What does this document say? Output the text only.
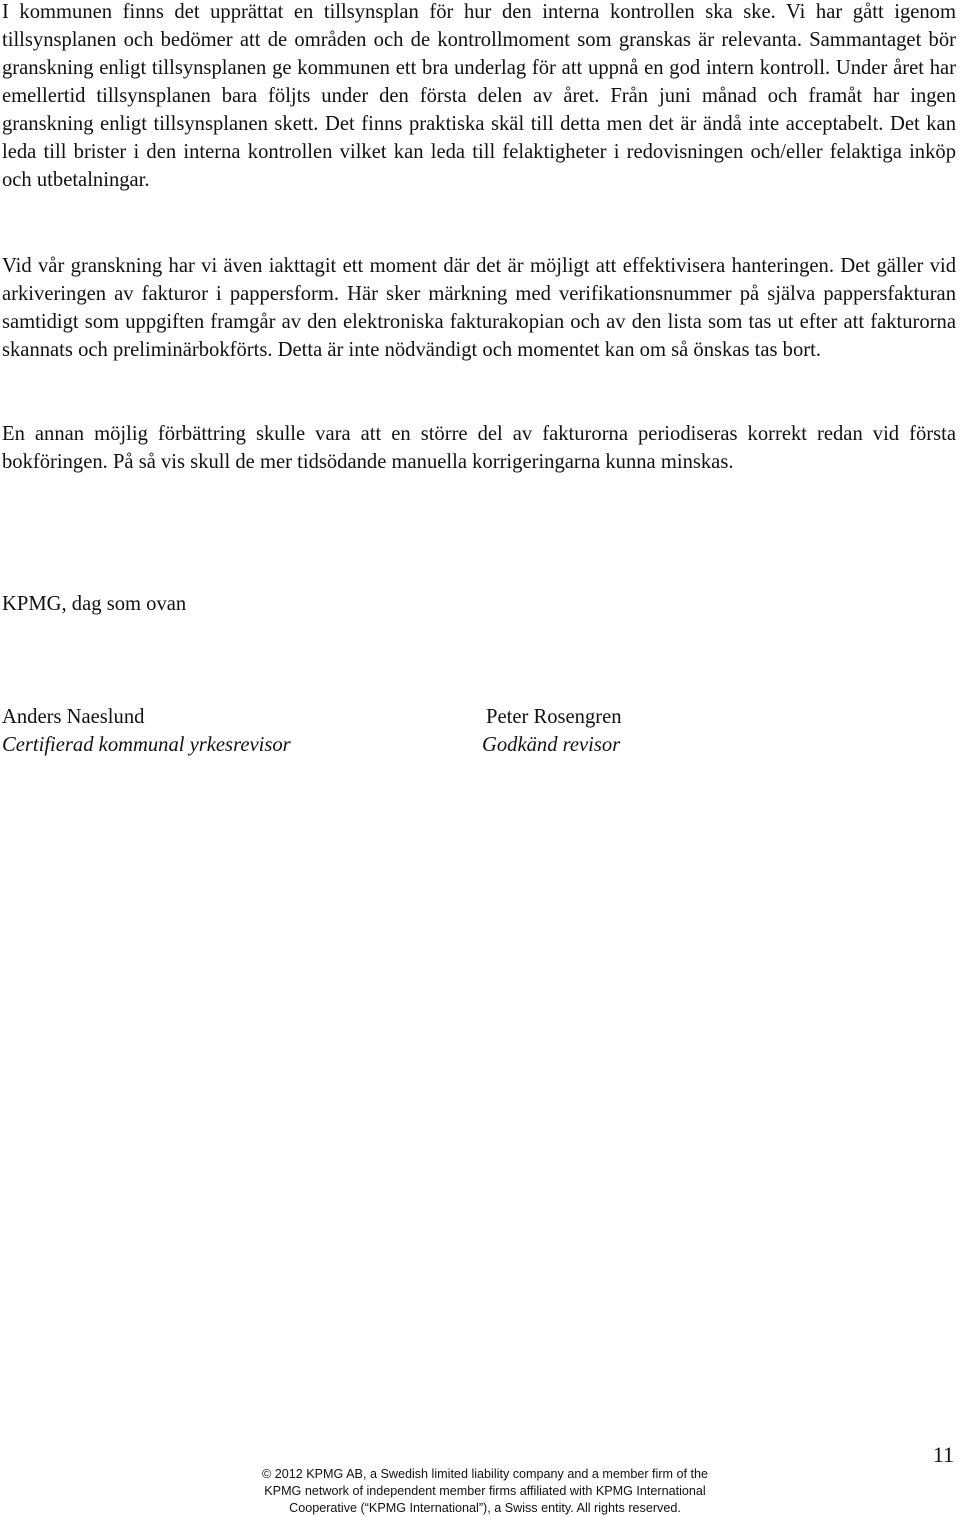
I kommunen finns det upprättat en tillsynsplan för hur den interna kontrollen ska ske. Vi har gått igenom tillsynsplanen och bedömer att de områden och de kontrollmoment som granskas är relevanta. Sammantaget bör granskning enligt tillsynsplanen ge kommunen ett bra underlag för att uppnå en god intern kontroll. Under året har emellertid tillsynsplanen bara följts under den första delen av året. Från juni månad och framåt har ingen granskning enligt tillsynsplanen skett. Det finns praktiska skäl till detta men det är ändå inte acceptabelt. Det kan leda till brister i den interna kontrollen vilket kan leda till felaktigheter i redovisningen och/eller felaktiga inköp och utbetalningar.

Vid vår granskning har vi även iakttagit ett moment där det är möjligt att effektivisera hanteringen. Det gäller vid arkiveringen av fakturor i pappersform. Här sker märkning med verifikationsnummer på själva pappersfakturan samtidigt som uppgiften framgår av den elektroniska fakturakopian och av den lista som tas ut efter att fakturorna skannats och preliminärbokförts. Detta är inte nödvändigt och momentet kan om så önskas tas bort.

En annan möjlig förbättring skulle vara att en större del av fakturorna periodiseras korrekt redan vid första bokföringen. På så vis skull de mer tidsödande manuella korrigeringarna kunna minskas.

KPMG, dag som ovan

Anders Naeslund
Certifierad kommunal yrkesrevisor
Peter Rosengren
Godkänd revisor
11
© 2012 KPMG AB, a Swedish limited liability company and a member firm of the
KPMG network of independent member firms affiliated with KPMG International
Cooperative (“KPMG International”), a Swiss entity. All rights reserved.
